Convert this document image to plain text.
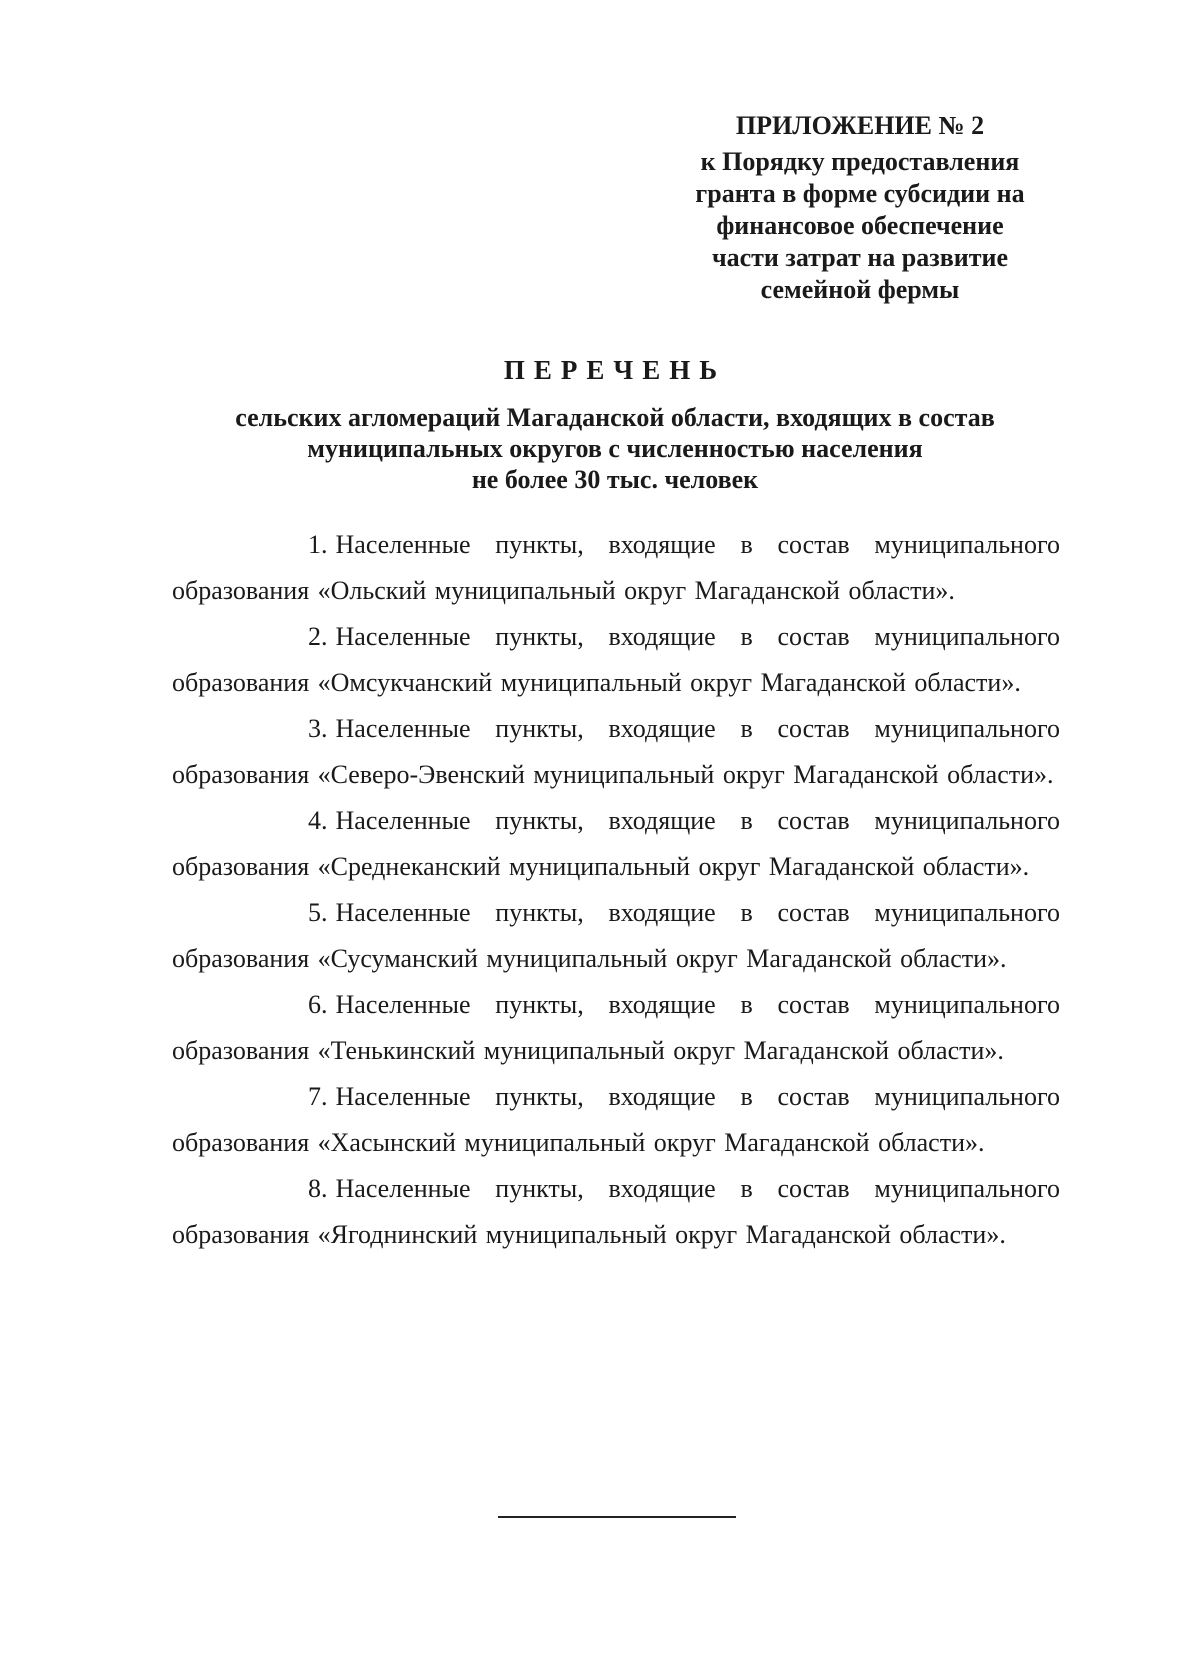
ПРИЛОЖЕНИЕ № 2
к Порядку предоставления
гранта в форме субсидии на
финансовое обеспечение
части затрат на развитие
семейной фермы
ПЕРЕЧЕНЬ
сельских агломераций Магаданской области, входящих в состав
муниципальных округов с численностью населения
не более 30 тыс. человек

1. Населенные пункты, входящие в состав муниципального образования «Ольский муниципальный округ Магаданской области».

2. Населенные пункты, входящие в состав муниципального образования «Омсукчанский муниципальный округ Магаданской области».

3. Населенные пункты, входящие в состав муниципального образования «Северо-Эвенский муниципальный округ Магаданской области».

4. Населенные пункты, входящие в состав муниципального образования «Среднеканский муниципальный округ Магаданской области».

5. Населенные пункты, входящие в состав муниципального образования «Сусуманский муниципальный округ Магаданской области».

6. Населенные пункты, входящие в состав муниципального образования «Тенькинский муниципальный округ Магаданской области».

7. Населенные пункты, входящие в состав муниципального образования «Хасынский муниципальный округ Магаданской области».

8. Населенные пункты, входящие в состав муниципального образования «Ягоднинский муниципальный округ Магаданской области».
